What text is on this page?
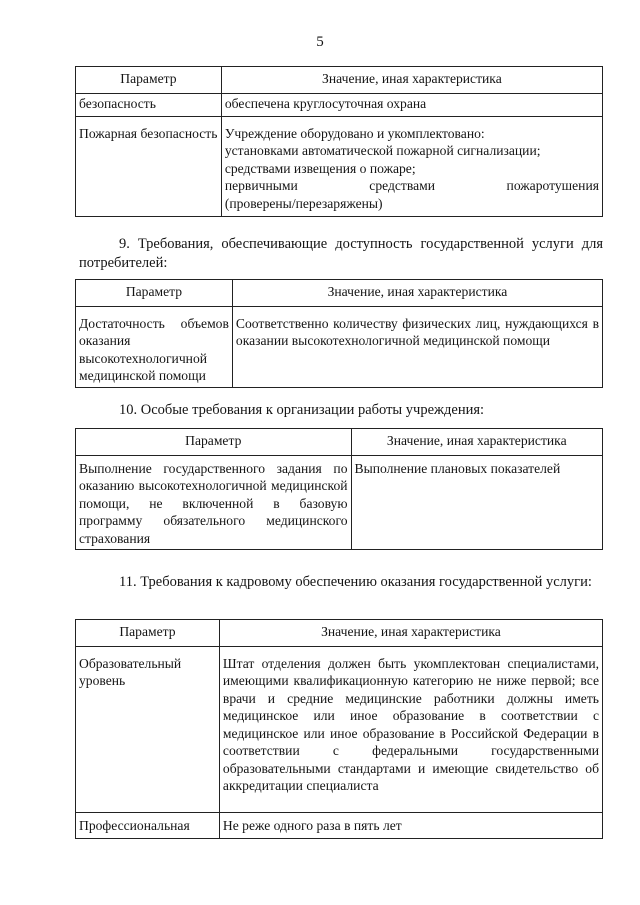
5
Параметр	Значение, иная характеристика
безопасность	обеспечена круглосуточная охрана
Пожарная безопасность	Учреждение оборудовано и укомплектовано:
установками автоматической пожарной сигнализации;
средствами извещения о пожаре;
первичными средствами пожаротушения
(проверены/перезаряжены)
9. Требования, обеспечивающие доступность государственной услуги для потребителей:
Параметр	Значение, иная характеристика
Достаточность объемов оказания высокотехнологичной медицинской помощи	Соответственно количеству физических лиц, нуждающихся в оказании высокотехнологичной медицинской помощи
10. Особые требования к организации работы учреждения:
Параметр	Значение, иная характеристика
Выполнение государственного задания по оказанию высокотехнологичной медицинской помощи, не включенной в базовую программу обязательного медицинского страхования	Выполнение плановых показателей
11. Требования к кадровому обеспечению оказания государственной услуги:
Параметр	Значение, иная характеристика
Образовательный уровень	Штат отделения должен быть укомплектован специалистами, имеющими квалификационную категорию не ниже первой; все врачи и средние медицинские работники должны иметь медицинское или иное образование в соответствии с медицинское или иное образование в Российской Федерации в соответствии с федеральными государственными образовательными стандартами и имеющие свидетельство об аккредитации специалиста
Профессиональная	Не реже одного раза в пять лет
